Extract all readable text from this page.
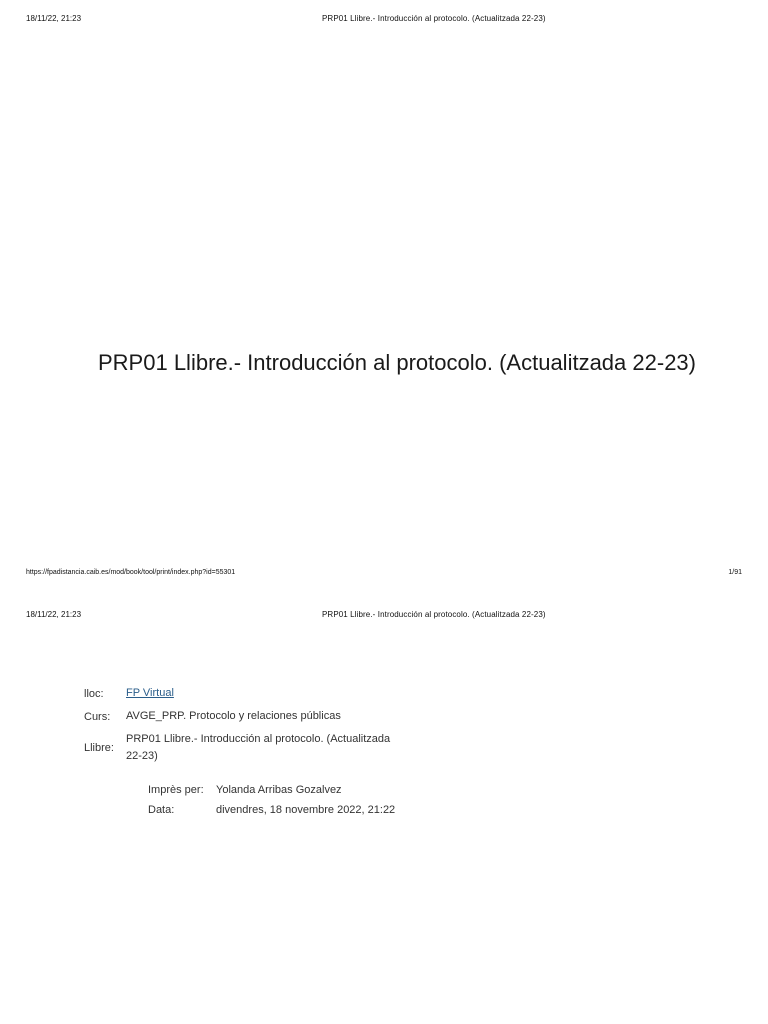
18/11/22, 21:23	PRP01 Llibre.- Introducción al protocolo. (Actualitzada 22-23)
PRP01 Llibre.- Introducción al protocolo. (Actualitzada 22-23)
https://fpadistancia.caib.es/mod/book/tool/print/index.php?id=55301	1/91
18/11/22, 21:23	PRP01 Llibre.- Introducción al protocolo. (Actualitzada 22-23)
lloc:	FP Virtual
Curs:	AVGE_PRP. Protocolo y relaciones públicas
Llibre:
PRP01 Llibre.- Introducción al protocolo. (Actualitzada 22-23)
Imprès per:	Yolanda Arribas Gozalvez
Data:	divendres, 18 novembre 2022, 21:22
